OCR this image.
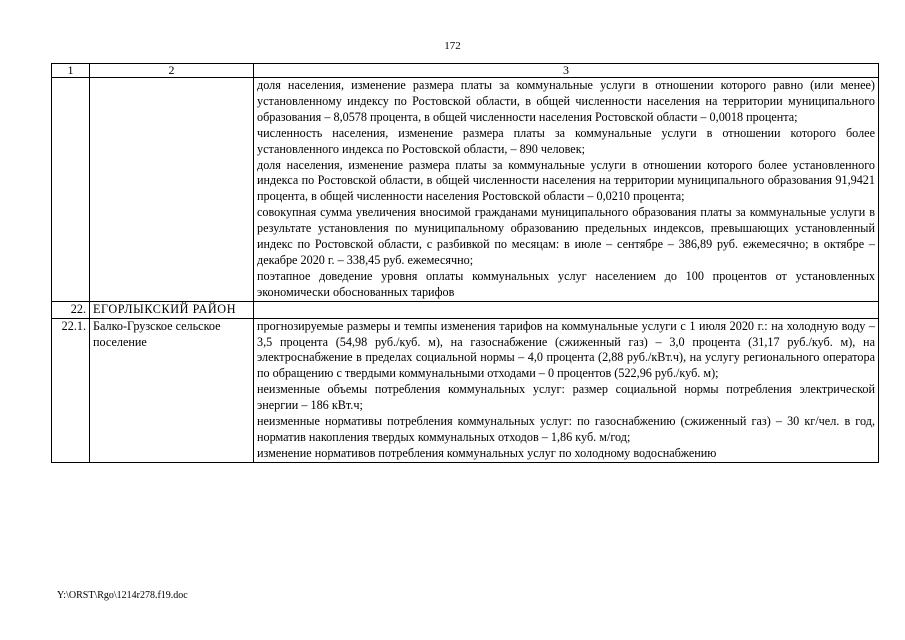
172
1	2	3

		доля населения, изменение размера платы за коммунальные услуги в отношении которого равно (или менее) установленному индексу по Ростовской области, в общей численности населения на территории муниципального образования – 8,0578 процента, в общей численности населения Ростовской области – 0,0018 процента;
численность населения, изменение размера платы за коммунальные услуги в отношении которого более установленного индекса по Ростовской области, – 890 человек;
доля населения, изменение размера платы за коммунальные услуги в отношении которого более установленного индекса по Ростовской области, в общей численности населения на территории муниципального образования 91,9421 процента, в общей численности населения Ростовской области – 0,0210 процента;
совокупная сумма увеличения вносимой гражданами муниципального образования платы за коммунальные услуги в результате установления по муниципальному образованию предельных индексов, превышающих установленный индекс по Ростовской области, с разбивкой по месяцам: в июле – сентябре – 386,89 руб. ежемесячно; в октябре – декабре 2020 г. – 338,45 руб. ежемесячно;
поэтапное доведение уровня оплаты коммунальных услуг населением до 100 процентов от установленных экономически обоснованных тарифов

22.	ЕГОРЛЫКСКИЙ РАЙОН	
22.1.	Балко-Грузское сельское поселение	прогнозируемые размеры и темпы изменения тарифов на коммунальные услуги с 1 июля 2020 г.: на холодную воду – 3,5 процента (54,98 руб./куб. м), на газоснабжение (сжиженный газ) – 3,0 процента (31,17 руб./куб. м), на электроснабжение в пределах социальной нормы – 4,0 процента (2,88 руб./кВт.ч), на услугу регионального оператора по обращению с твердыми коммунальными отходами – 0 процентов (522,96 руб./куб. м);
неизменные объемы потребления коммунальных услуг: размер социальной нормы потребления электрической энергии – 186 кВт.ч;
неизменные нормативы потребления коммунальных услуг: по газоснабжению (сжиженный газ) – 30 кг/чел. в год, норматив накопления твердых коммунальных отходов – 1,86 куб. м/год;
изменение нормативов потребления коммунальных услуг по холодному водоснабжению
Y:\ORST\Rgo\1214r278.f19.doc
